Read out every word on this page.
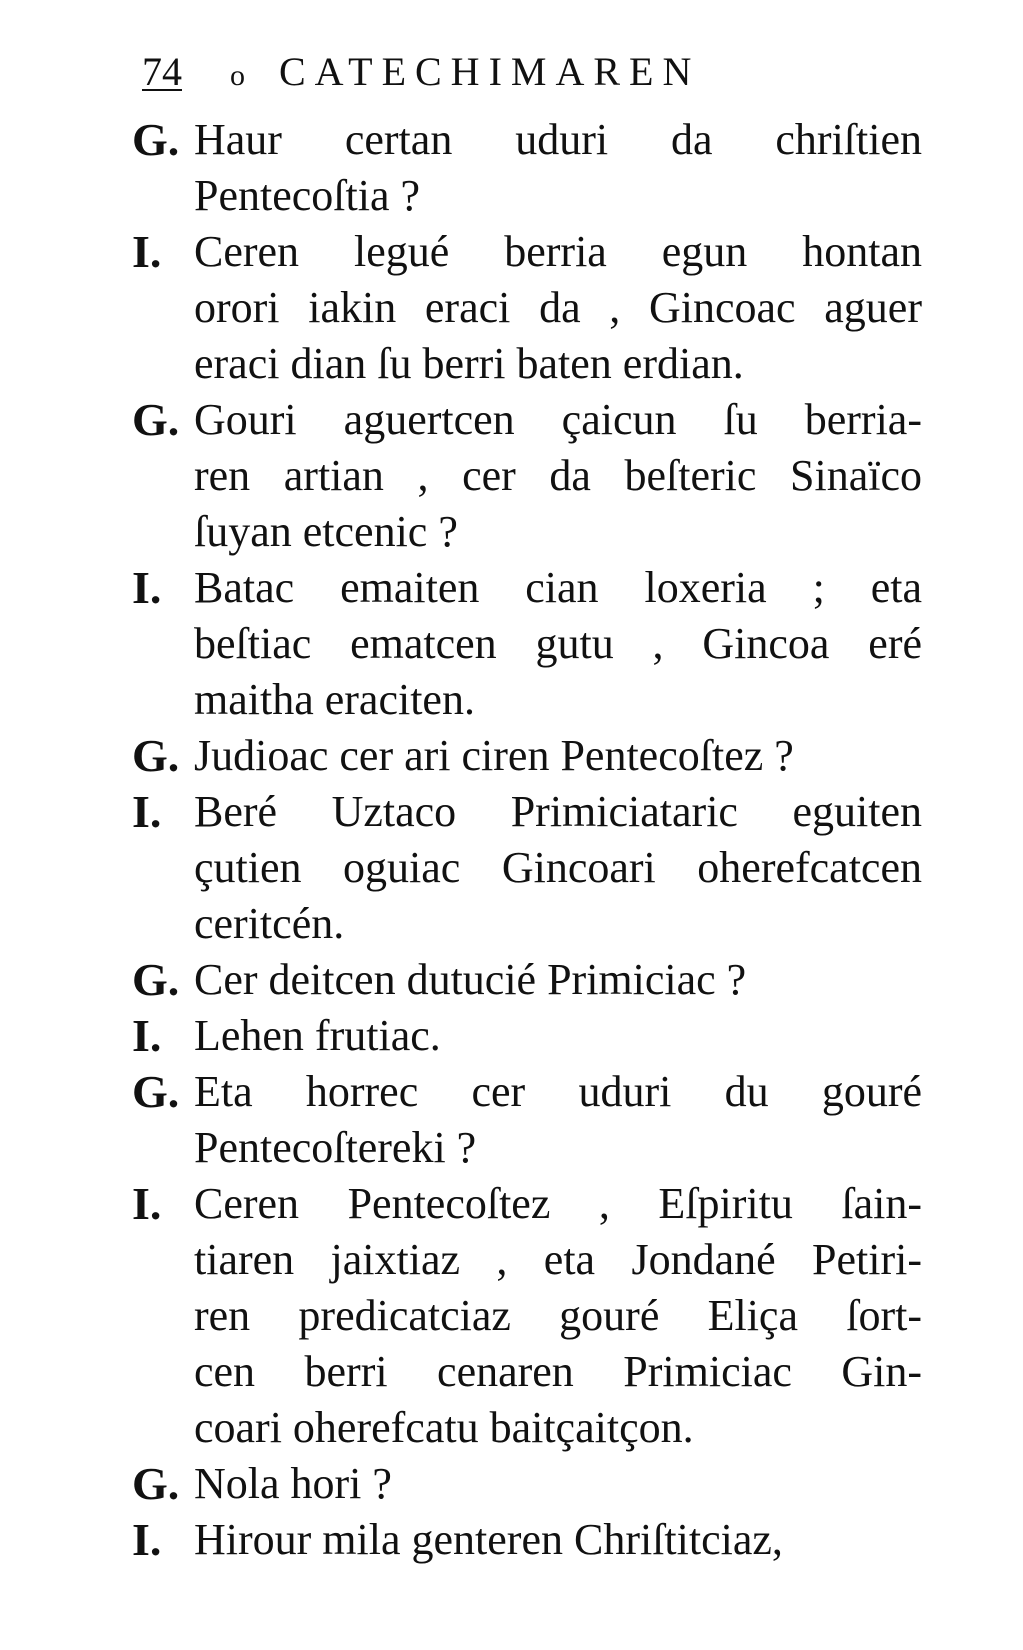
74 o CATECHIMAREN
G. Haur certan uduri da chriſtien
Pentecoſtia ?
I. Ceren legué berria egun hontan
orori iakin eraci da , Gincoac aguer
eraci dian ſu berri baten erdian.
G. Gouri aguertcen çaicun ſu berria-
ren artian , cer da beſteric Sinaïco
ſuyan etcenic ?
I. Batac emaiten cian loxeria ; eta
beſtiac ematcen gutu , Gincoa eré
maitha eraciten.
G. Judioac cer ari ciren Pentecoſtez ?
I. Beré Uztaco Primiciataric eguiten
çutien oguiac Gincoari oherefcatcen
ceritcén.
G. Cer deitcen dutucié Primiciac ?
I. Lehen frutiac.
G. Eta horrec cer uduri du gouré
Pentecoſtereki ?
I. Ceren Pentecoſtez , Eſpiritu ſain-
tiaren jaixtiaz , eta Jondané Petiri-
ren predicatciaz gouré Eliça ſort-
cen berri cenaren Primiciac Gin-
coari oherefcatu baitçaitçon.
G. Nola hori ?
I. Hirour mila genteren Chriſtitciaz,
